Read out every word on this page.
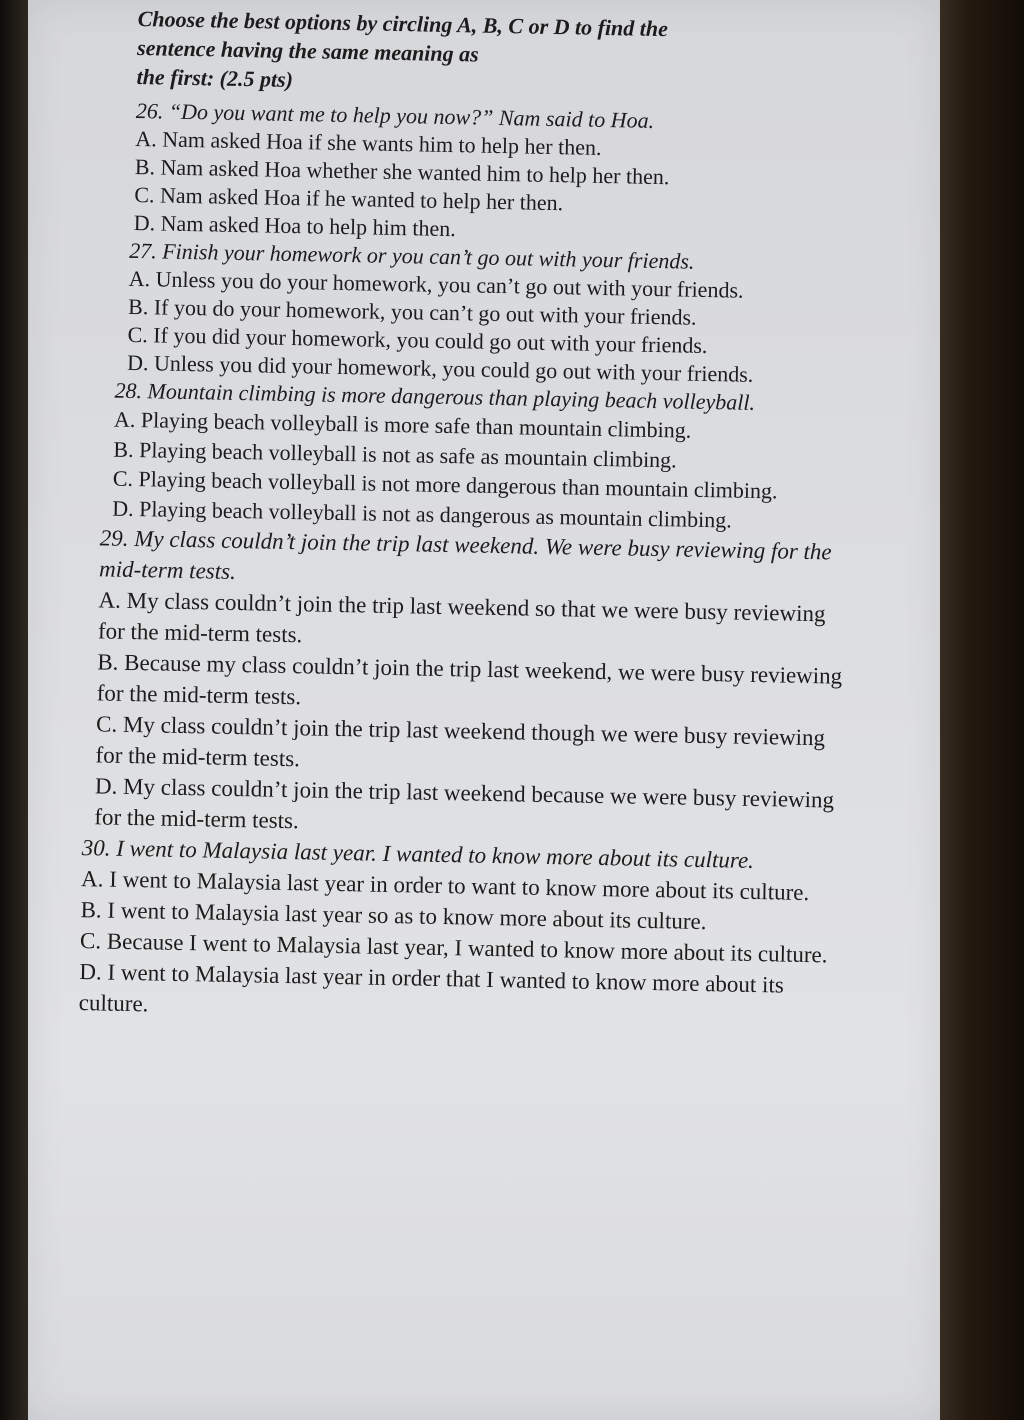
Choose the best options by circling A, B, C or D to find the
sentence having the same meaning as
the first: (2.5 pts)

26. “Do you want me to help you now?” Nam said to Hoa.

A. Nam asked Hoa if she wants him to help her then.

B. Nam asked Hoa whether she wanted him to help her then.

C. Nam asked Hoa if he wanted to help her then.

D. Nam asked Hoa to help him then.

27. Finish your homework or you can’t go out with your friends.

A. Unless you do your homework, you can’t go out with your friends.

B. If you do your homework, you can’t go out with your friends.

C. If you did your homework, you could go out with your friends.

D. Unless you did your homework, you could go out with your friends.

28. Mountain climbing is more dangerous than playing beach volleyball.

A. Playing beach volleyball is more safe than mountain climbing.

B. Playing beach volleyball is not as safe as mountain climbing.

C. Playing beach volleyball is not more dangerous than mountain climbing.

D. Playing beach volleyball is not as dangerous as mountain climbing.

29. My class couldn’t join the trip last weekend. We were busy reviewing for the mid-term tests.

A. My class couldn’t join the trip last weekend so that we were busy reviewing for the mid-term tests.

B. Because my class couldn’t join the trip last weekend, we were busy reviewing for the mid-term tests.

C. My class couldn’t join the trip last weekend though we were busy reviewing for the mid-term tests.

D. My class couldn’t join the trip last weekend because we were busy reviewing for the mid-term tests.

30. I went to Malaysia last year. I wanted to know more about its culture.

A. I went to Malaysia last year in order to want to know more about its culture.

B. I went to Malaysia last year so as to know more about its culture.

C. Because I went to Malaysia last year, I wanted to know more about its culture.

D. I went to Malaysia last year in order that I wanted to know more about its culture.
